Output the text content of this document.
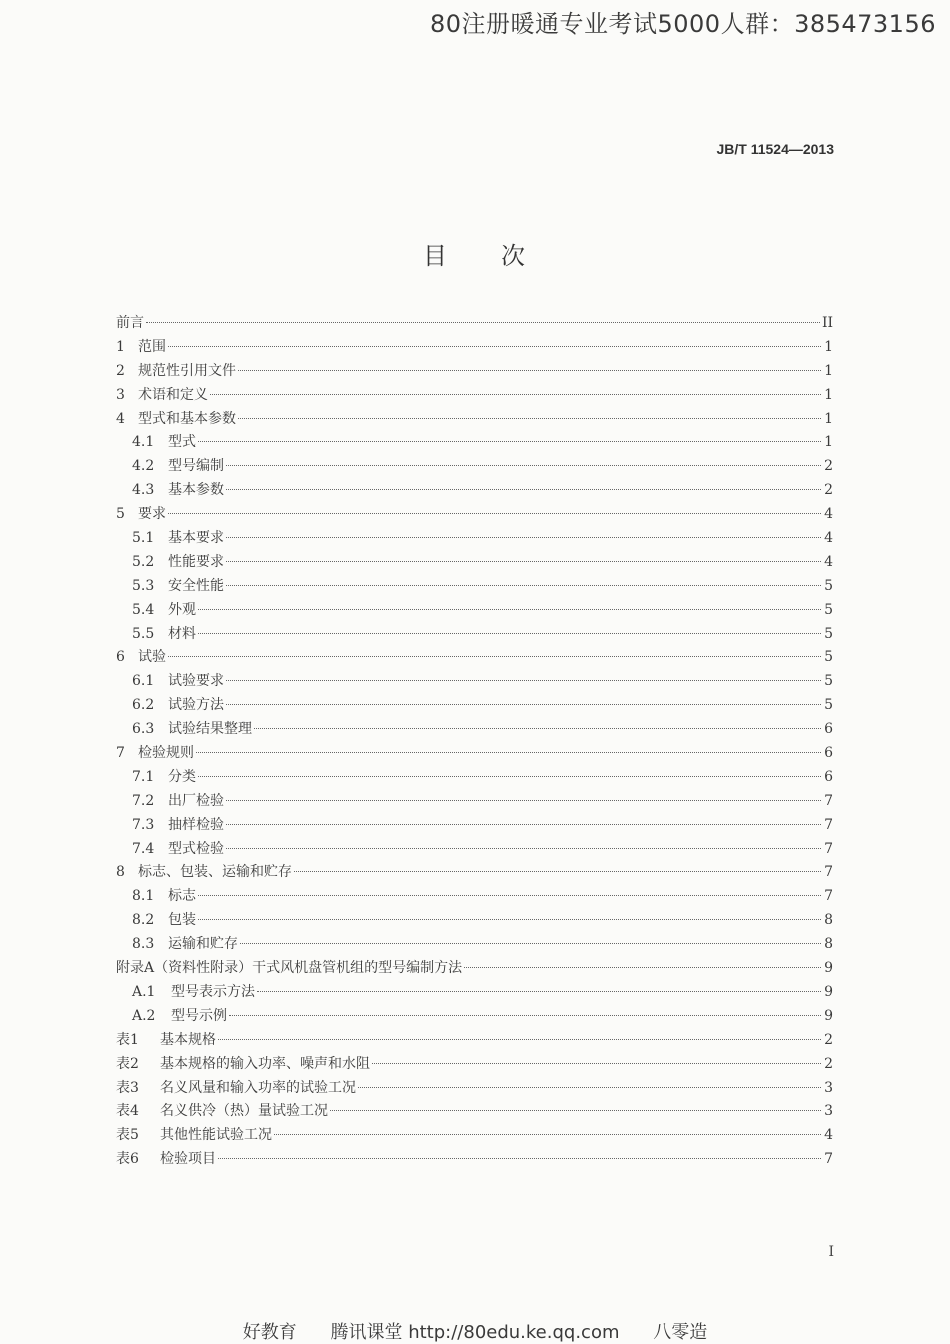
80注册暖通专业考试5000人群：385473156
JB/T 11524—2013
目 次
前言	II
1 范围	1
2 规范性引用文件	1
3 术语和定义	1
4 型式和基本参数	1
4.1 型式	1
4.2 型号编制	2
4.3 基本参数	2
5 要求	4
5.1 基本要求	4
5.2 性能要求	4
5.3 安全性能	5
5.4 外观	5
5.5 材料	5
6 试验	5
6.1 试验要求	5
6.2 试验方法	5
6.3 试验结果整理	6
7 检验规则	6
7.1 分类	6
7.2 出厂检验	7
7.3 抽样检验	7
7.4 型式检验	7
8 标志、包装、运输和贮存	7
8.1 标志	7
8.2 包装	8
8.3 运输和贮存	8
附录A（资料性附录）干式风机盘管机组的型号编制方法	9
A.1	型号表示方法	9
A.2	型号示例	9
表1	基本规格	2
表2	基本规格的输入功率、噪声和水阻	2
表3	名义风量和输入功率的试验工况	3
表4	名义供冷（热）量试验工况	3
表5	其他性能试验工况	4
表6	检验项目	7
I
好教育 腾讯课堂 http://80edu.ke.qq.com 八零造
